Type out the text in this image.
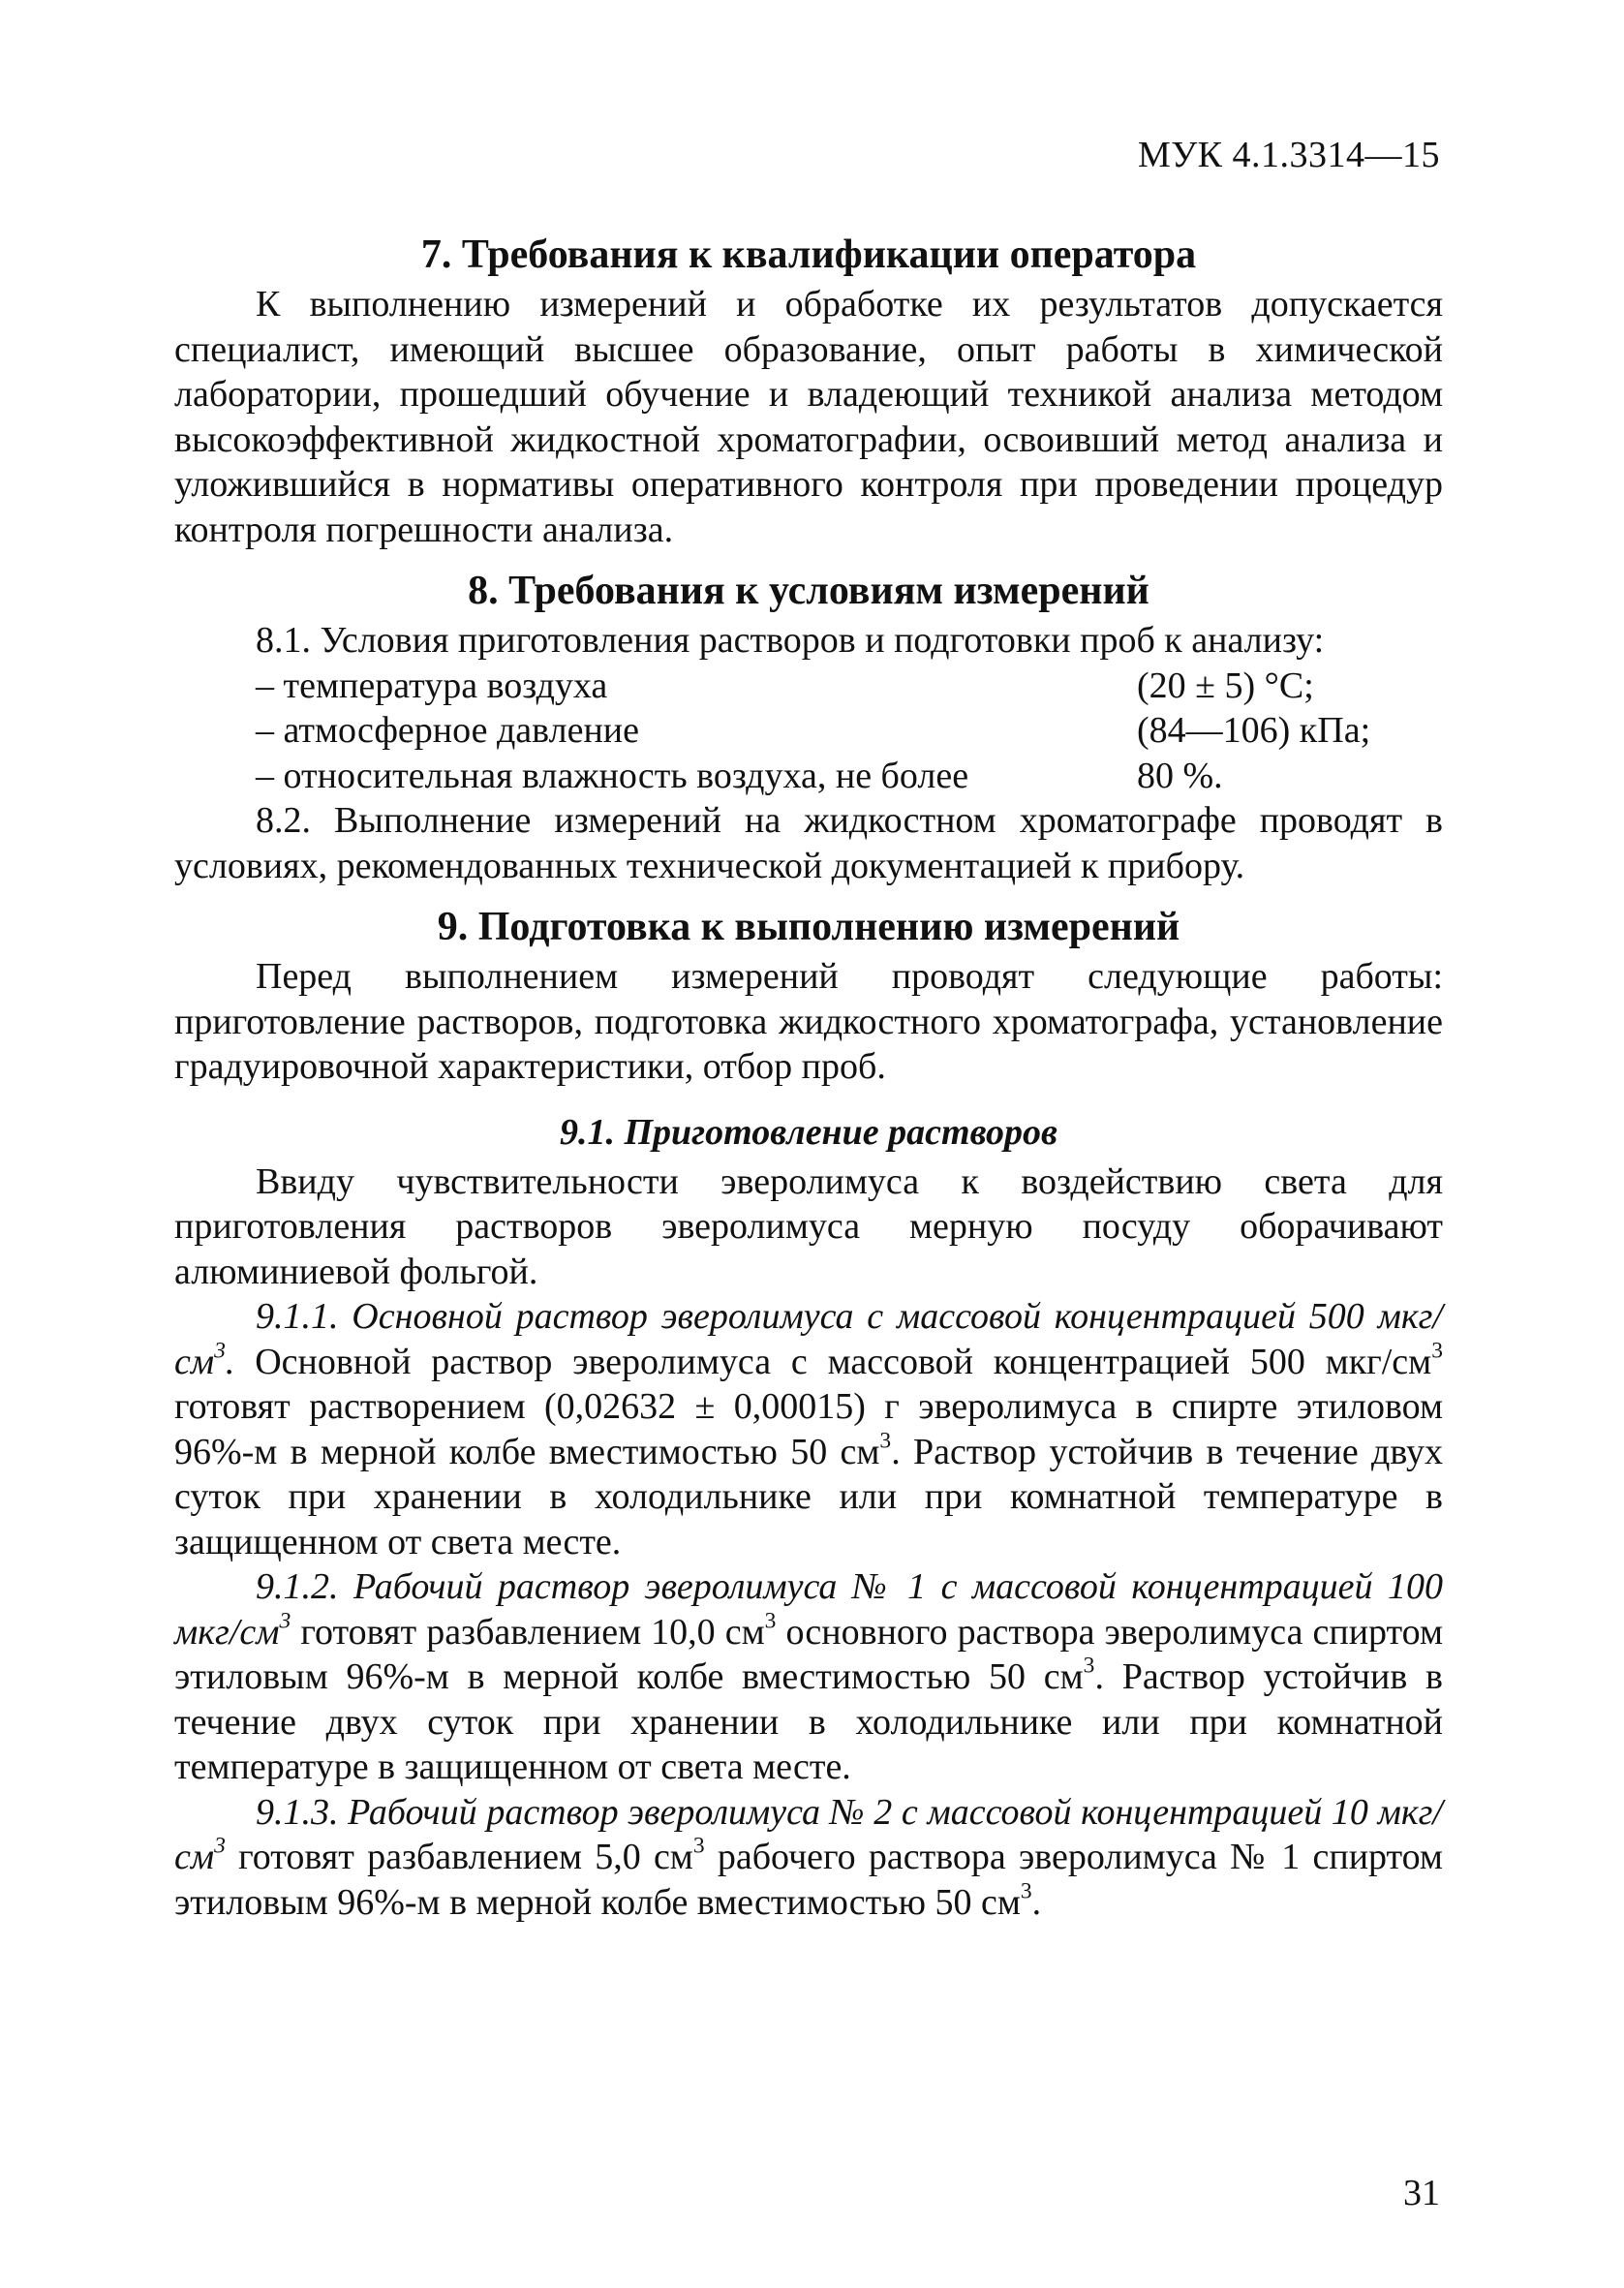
МУК 4.1.3314—15
7. Требования к квалификации оператора

К выполнению измерений и обработке их результатов допускается специалист, имеющий высшее образование, опыт работы в химической лаборатории, прошедший обучение и владеющий техникой анализа методом высокоэффективной жидкостной хроматографии, освоивший метод анализа и уложившийся в нормативы оперативного контроля при проведении процедур контроля погрешности анализа.

8. Требования к условиям измерений

8.1. Условия приготовления растворов и подготовки проб к анализу:

– температура воздуха	(20 ± 5) °С;
– атмосферное давление	(84—106) кПа;
– относительная влажность воздуха, не более	80 %.

8.2. Выполнение измерений на жидкостном хроматографе проводят в условиях, рекомендованных технической документацией к прибору.

9. Подготовка к выполнению измерений

Перед выполнением измерений проводят следующие работы: приготовление растворов, подготовка жидкостного хроматографа, установление градуировочной характеристики, отбор проб.

9.1. Приготовление растворов

Ввиду чувствительности эверолимуса к воздействию света для приготовления растворов эверолимуса мерную посуду оборачивают алюминиевой фольгой.

9.1.1. Основной раствор эверолимуса с массовой концентрацией 500 мкг/$см^3$. Основной раствор эверолимуса с массовой концентрацией 500 мкг/$см^3$ готовят растворением (0,02632 ± 0,00015) г эверолимуса в спирте этиловом 96%-м в мерной колбе вместимостью 50 $см^3$. Раствор устойчив в течение двух суток при хранении в холодильнике или при комнатной температуре в защищенном от света месте.

9.1.2. Рабочий раствор эверолимуса № 1 с массовой концентрацией 100 мкг/$см^3$ готовят разбавлением 10,0 $см^3$ основного раствора эверолимуса спиртом этиловым 96%-м в мерной колбе вместимостью 50 $см^3$. Раствор устойчив в течение двух суток при хранении в холодильнике или при комнатной температуре в защищенном от света месте.

9.1.3. Рабочий раствор эверолимуса № 2 с массовой концентрацией 10 мкг/$см^3$ готовят разбавлением 5,0 $см^3$ рабочего раствора эверолимуса № 1 спиртом этиловым 96%-м в мерной колбе вместимостью 50 $см^3$.

31
